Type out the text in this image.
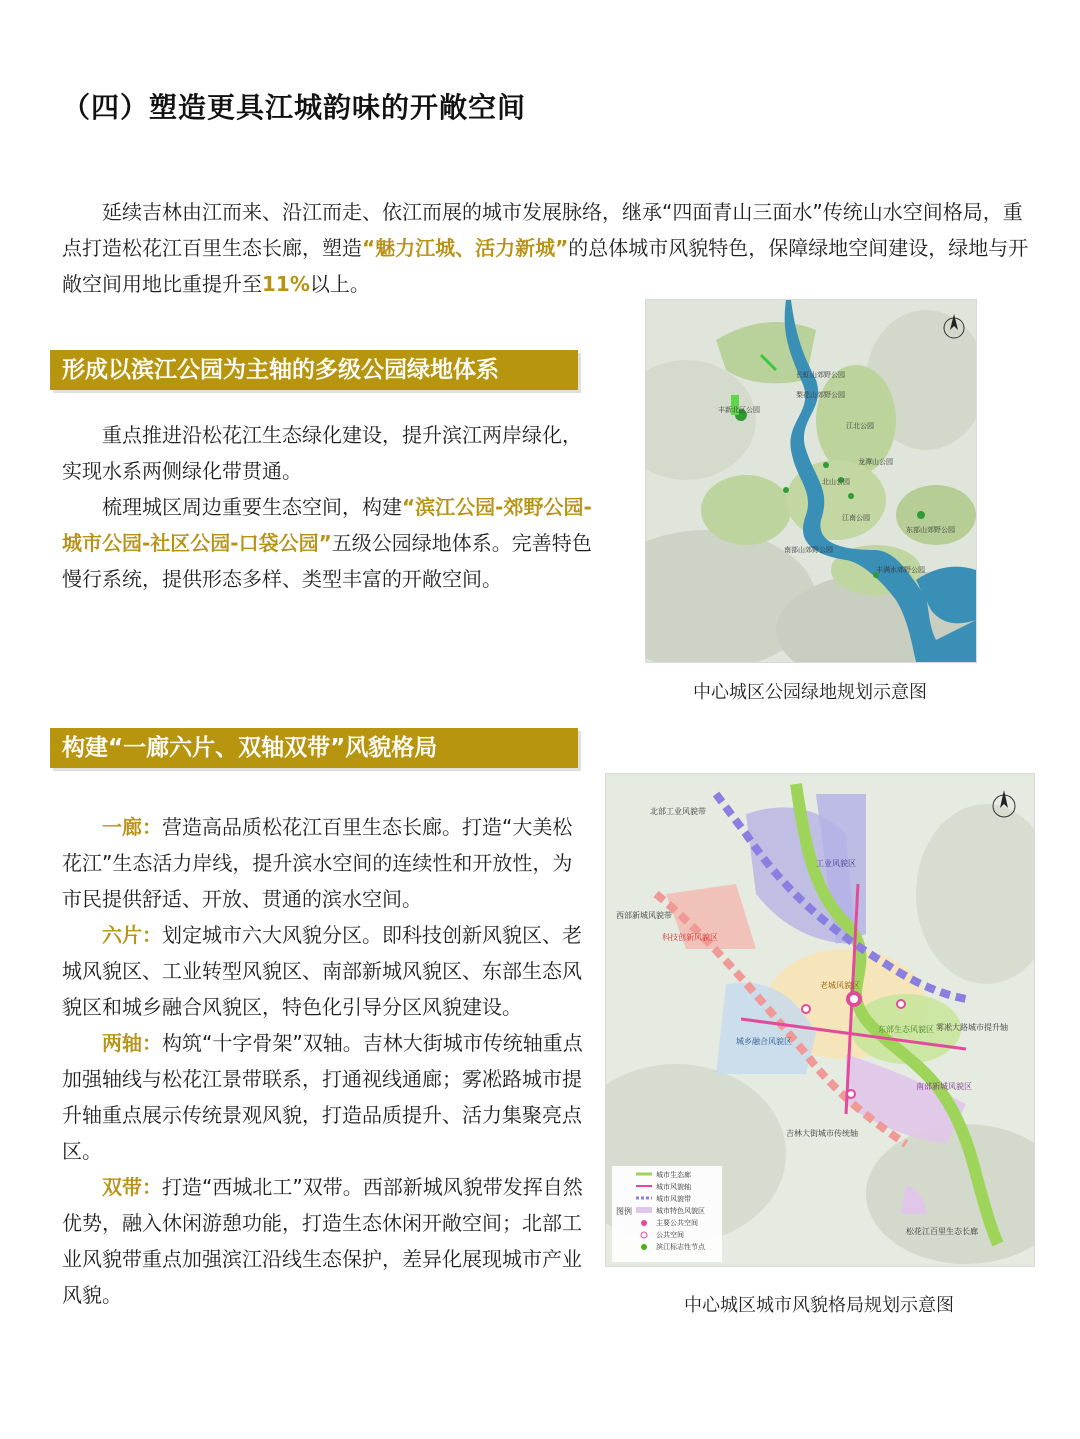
（四）塑造更具江城韵味的开敞空间

延续吉林由江而来、沿江而走、依江而展的城市发展脉络，继承“四面青山三面水”传统山水空间格局，重点打造松花江百里生态长廊，塑造“魅力江城、活力新城”的总体城市风貌特色，保障绿地空间建设，绿地与开敞空间用地比重提升至11%以上。

形成以滨江公园为主轴的多级公园绿地体系

重点推进沿松花江生态绿化建设，提升滨江两岸绿化，实现水系两侧绿化带贯通。

梳理城区周边重要生态空间，构建“滨江公园-郊野公园-城市公园-社区公园-口袋公园”五级公园绿地体系。完善特色慢行系统，提供形态多样、类型丰富的开敞空间。

长虹山郊野公园
梨花山郊野公园
丰新北区公园
江北公园
龙潭山公园
北山公园
江南公园
东部山郊野公园
丰满水郊野公园
南部山郊野公园
中心城区公园绿地规划示意图
构建“一廊六片、双轴双带”风貌格局

一廊：营造高品质松花江百里生态长廊。打造“大美松花江”生态活力岸线，提升滨水空间的连续性和开放性，为市民提供舒适、开放、贯通的滨水空间。

六片：划定城市六大风貌分区。即科技创新风貌区、老城风貌区、工业转型风貌区、南部新城风貌区、东部生态风貌区和城乡融合风貌区，特色化引导分区风貌建设。

两轴：构筑“十字骨架”双轴。吉林大街城市传统轴重点加强轴线与松花江景带联系，打通视线通廊；雾凇路城市提升轴重点展示传统景观风貌，打造品质提升、活力集聚亮点区。

双带：打造“西城北工”双带。西部新城风貌带发挥自然优势，融入休闲游憩功能，打造生态休闲开敞空间；北部工业风貌带重点加强滨江沿线生态保护，差异化展现城市产业风貌。

北部工业风貌带
工业风貌区
西部新城风貌带
科技创新风貌区
老城风貌区
东部生态风貌区
城乡融合风貌区
南部新城风貌区
雾凇大路城市提升轴
吉林大街城市传统轴
松花江百里生态长廊
图例
城市生态廊
城市风貌轴
城市风貌带
城市特色风貌区
主要公共空间
公共空间
滨江标志性节点
中心城区城市风貌格局规划示意图
